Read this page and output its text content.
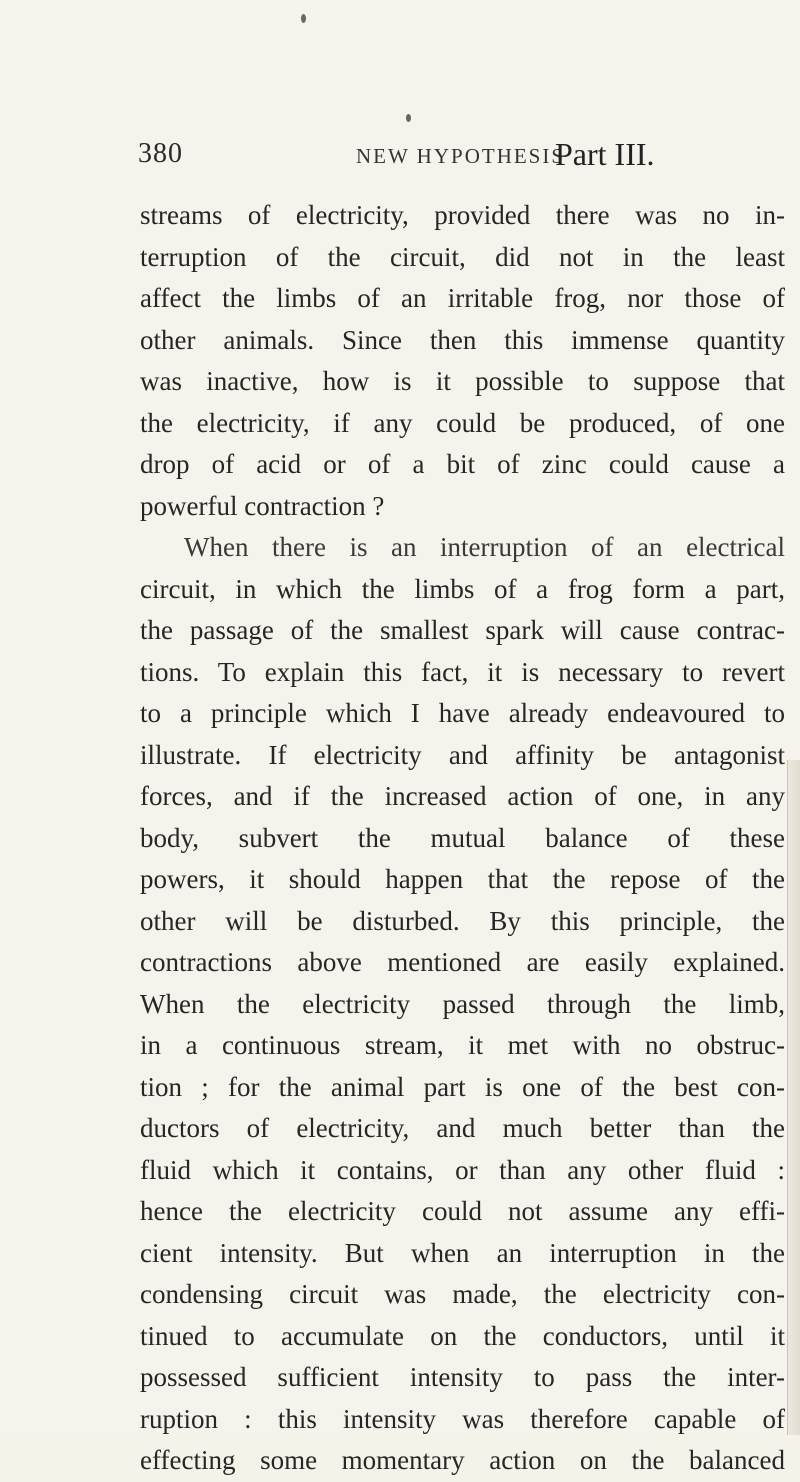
380	NEW HYPOTHESIS
Part III.
streams of electricity, provided there was no in-
terruption of the circuit, did not in the least
affect the limbs of an irritable frog, nor those of
other animals. Since then this immense quantity
was inactive, how is it possible to suppose that
the electricity, if any could be produced, of one
drop of acid or of a bit of zinc could cause a
powerful contraction ?
When there is an interruption of an electrical
circuit, in which the limbs of a frog form a part,
the passage of the smallest spark will cause contrac-
tions. To explain this fact, it is necessary to revert
to a principle which I have already endeavoured to
illustrate. If electricity and affinity be antagonist
forces, and if the increased action of one, in any
body, subvert the mutual balance of these
powers, it should happen that the repose of the
other will be disturbed. By this principle, the
contractions above mentioned are easily explained.
When the electricity passed through the limb,
in a continuous stream, it met with no obstruc-
tion ; for the animal part is one of the best con-
ductors of electricity, and much better than the
fluid which it contains, or than any other fluid :
hence the electricity could not assume any effi-
cient intensity. But when an interruption in the
condensing circuit was made, the electricity con-
tinued to accumulate on the conductors, until it
possessed sufficient intensity to pass the inter-
ruption : this intensity was therefore capable of
effecting some momentary action on the balanced
